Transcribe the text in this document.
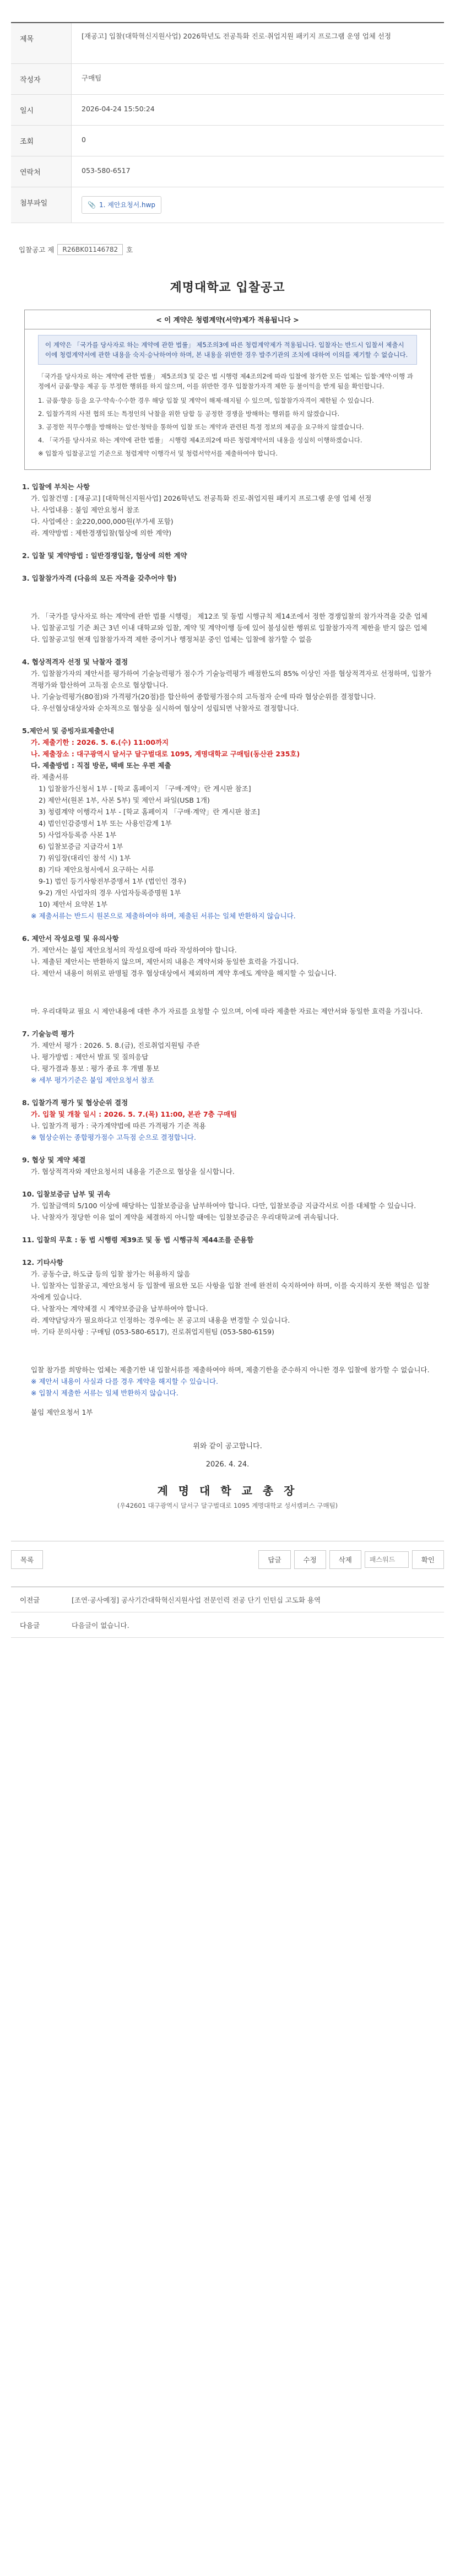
제목	[재공고] 입찰(대학혁신지원사업) 2026학년도 전공특화 진로·취업지원 패키지 프로그램 운영 업체 선정
작성자	구매팀
일시	2026-04-24 15:50:24
조회	0
연락처	053-580-6517
첨부파일	📎 1. 제안요청서.hwp
입찰공고 제	R26BK01146782	호
계명대학교 입찰공고
< 이 계약은 청렴계약(서약)제가 적용됩니다 >
이 계약은 「국가를 당사자로 하는 계약에 관한 법률」 제5조의3에 따른 청렴계약제가 적용됩니다. 입찰자는 반드시 입찰서 제출시 이에 청렴계약서에 관한 내용을 숙지·승낙하여야 하며, 본 내용을 위반한 경우 발주기관의 조치에 대하여 이의를 제기할 수 없습니다.
「국가를 당사자로 하는 계약에 관한 법률」 제5조의3 및 같은 법 시행령 제4조의2에 따라 입찰에 참가한 모든 업체는 입찰·계약·이행 과정에서 금품·향응 제공 등 부정한 행위를 하지 않으며, 이를 위반한 경우 입찰참가자격 제한 등 불이익을 받게 됨을 확인합니다.
1. 금품·향응 등을 요구·약속·수수한 경우 해당 입찰 및 계약이 해제·해지될 수 있으며, 입찰참가자격이 제한될 수 있습니다.
2. 입찰가격의 사전 협의 또는 특정인의 낙찰을 위한 담합 등 공정한 경쟁을 방해하는 행위를 하지 않겠습니다.
3. 공정한 직무수행을 방해하는 알선·청탁을 통하여 입찰 또는 계약과 관련된 특정 정보의 제공을 요구하지 않겠습니다.
4. 「국가를 당사자로 하는 계약에 관한 법률」 시행령 제4조의2에 따른 청렴계약서의 내용을 성실히 이행하겠습니다.
※ 입찰자 입찰공고일 기준으로 청렴계약 이행각서 및 청렴서약서를 제출하여야 합니다.

1. 입찰에 부치는 사항

가. 입찰건명 : [재공고] [대학혁신지원사업] 2026학년도 전공특화 진로·취업지원 패키지 프로그램 운영 업체 선정

나. 사업내용 : 붙임 제안요청서 참조

다. 사업예산 : 金220,000,000원(부가세 포함)

라. 계약방법 : 제한경쟁입찰(협상에 의한 계약)

2. 입찰 및 계약방법 : 일반경쟁입찰, 협상에 의한 계약

3. 입찰참가자격 (다음의 모든 자격을 갖추어야 함)

가. 「국가를 당사자로 하는 계약에 관한 법률 시행령」 제12조 및 동법 시행규칙 제14조에서 정한 경쟁입찰의 참가자격을 갖춘 업체

나. 입찰공고일 기준 최근 3년 이내 대학교와 입찰, 계약 및 계약이행 등에 있어 불성실한 행위로 입찰참가자격 제한을 받지 않은 업체

다. 입찰공고일 현재 입찰참가자격 제한 중이거나 행정처분 중인 업체는 입찰에 참가할 수 없음

4. 협상적격자 선정 및 낙찰자 결정

가. 입찰참가자의 제안서를 평가하여 기술능력평가 점수가 기술능력평가 배점한도의 85% 이상인 자를 협상적격자로 선정하며, 입찰가격평가와 합산하여 고득점 순으로 협상합니다.

나. 기술능력평가(80점)와 가격평가(20점)를 합산하여 종합평가점수의 고득점자 순에 따라 협상순위를 결정합니다.

다. 우선협상대상자와 순차적으로 협상을 실시하여 협상이 성립되면 낙찰자로 결정합니다.

5.제안서 및 증빙자료제출안내

가. 제출기한 : 2026. 5. 6.(수) 11:00까지

나. 제출장소 : 대구광역시 달서구 달구벌대로 1095, 계명대학교 구매팀(동산관 235호)

다. 제출방법 : 직접 방문, 택배 또는 우편 제출

라. 제출서류

1) 입찰참가신청서 1부 - [학교 홈페이지 「구매·계약」란 게시판 참조]

2) 제안서(원본 1부, 사본 5부) 및 제안서 파일(USB 1개)

3) 청렴계약 이행각서 1부 - [학교 홈페이지 「구매·계약」란 게시판 참조]

4) 법인인감증명서 1부 또는 사용인감계 1부

5) 사업자등록증 사본 1부

6) 입찰보증금 지급각서 1부

7) 위임장(대리인 참석 시) 1부

8) 기타 제안요청서에서 요구하는 서류

9-1) 법인 등기사항전부증명서 1부 (법인인 경우)

9-2) 개인 사업자의 경우 사업자등록증명원 1부

10) 제안서 요약본 1부

※ 제출서류는 반드시 원본으로 제출하여야 하며, 제출된 서류는 일체 반환하지 않습니다.

6. 제안서 작성요령 및 유의사항

가. 제안서는 붙임 제안요청서의 작성요령에 따라 작성하여야 합니다.

나. 제출된 제안서는 반환하지 않으며, 제안서의 내용은 계약서와 동일한 효력을 가집니다.

다. 제안서 내용이 허위로 판명될 경우 협상대상에서 제외하며 계약 후에도 계약을 해지할 수 있습니다.

마. 우리대학교 필요 시 제안내용에 대한 추가 자료를 요청할 수 있으며, 이에 따라 제출한 자료는 제안서와 동일한 효력을 가집니다.

7. 기술능력 평가

가. 제안서 평가 : 2026. 5. 8.(금), 진로취업지원팀 주관

나. 평가방법 : 제안서 발표 및 질의응답

다. 평가결과 통보 : 평가 종료 후 개별 통보

※ 세부 평가기준은 붙임 제안요청서 참조

8. 입찰가격 평가 및 협상순위 결정

가. 입찰 및 개찰 일시 : 2026. 5. 7.(목) 11:00, 본관 7층 구매팀

나. 입찰가격 평가 : 국가계약법에 따른 가격평가 기준 적용

※ 협상순위는 종합평가점수 고득점 순으로 결정합니다.

9. 협상 및 계약 체결

가. 협상적격자와 제안요청서의 내용을 기준으로 협상을 실시합니다.

10. 입찰보증금 납부 및 귀속

가. 입찰금액의 5/100 이상에 해당하는 입찰보증금을 납부하여야 합니다. 다만, 입찰보증금 지급각서로 이를 대체할 수 있습니다.

나. 낙찰자가 정당한 이유 없이 계약을 체결하지 아니할 때에는 입찰보증금은 우리대학교에 귀속됩니다.

11. 입찰의 무효 : 동 법 시행령 제39조 및 동 법 시행규칙 제44조를 준용함

12. 기타사항

가. 공동수급, 하도급 등의 입찰 참가는 허용하지 않음

나. 입찰자는 입찰공고, 제안요청서 등 입찰에 필요한 모든 사항을 입찰 전에 완전히 숙지하여야 하며, 이를 숙지하지 못한 책임은 입찰자에게 있습니다.

다. 낙찰자는 계약체결 시 계약보증금을 납부하여야 합니다.

라. 계약담당자가 필요하다고 인정하는 경우에는 본 공고의 내용을 변경할 수 있습니다.

마. 기타 문의사항 : 구매팀 (053-580-6517), 진로취업지원팀 (053-580-6159)

입찰 참가를 희망하는 업체는 제출기한 내 입찰서류를 제출하여야 하며, 제출기한을 준수하지 아니한 경우 입찰에 참가할 수 없습니다.

※ 제안서 내용이 사실과 다를 경우 계약을 해지할 수 있습니다.

※ 입찰시 제출한 서류는 일체 반환하지 않습니다.

붙임 제안요청서 1부

위와 같이 공고합니다.
2026. 4. 24.
계 명 대 학 교 총 장
(우42601 대구광역시 달서구 달구벌대로 1095 계명대학교 성서캠퍼스 구매팀)
목록	답글	수정	삭제	확인
이전글	[조연·공사예정] 공사기간대학혁신지원사업 전문인력 전공 단기 인턴십 고도화 용역
다음글	다음글이 없습니다.
